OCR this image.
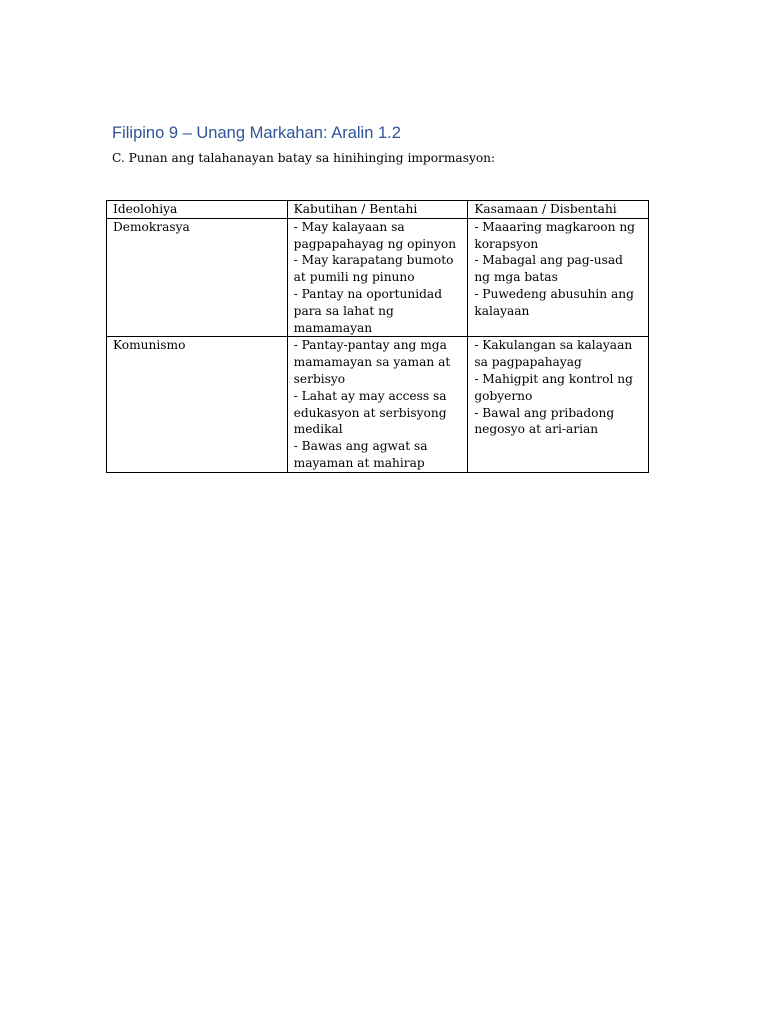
Filipino 9 – Unang Markahan: Aralin 1.2
C. Punan ang talahanayan batay sa hinihinging impormasyon:
Ideolohiya	Kabutihan / Bentahi	Kasamaan / Disbentahi
Demokrasya	- May kalayaan sa pagpapahayag ng opinyon
- May karapatang bumoto at pumili ng pinuno
- Pantay na oportunidad para sa lahat ng mamamayan	- Maaaring magkaroon ng korapsyon
- Mabagal ang pag-usad ng mga batas
- Puwedeng abusuhin ang kalayaan

Komunismo	- Pantay-pantay ang mga mamamayan sa yaman at serbisyo
- Lahat ay may access sa edukasyon at serbisyong medikal
- Bawas ang agwat sa mayaman at mahirap	- Kakulangan sa kalayaan sa pagpapahayag
- Mahigpit ang kontrol ng gobyerno
- Bawal ang pribadong negosyo at ari-arian
